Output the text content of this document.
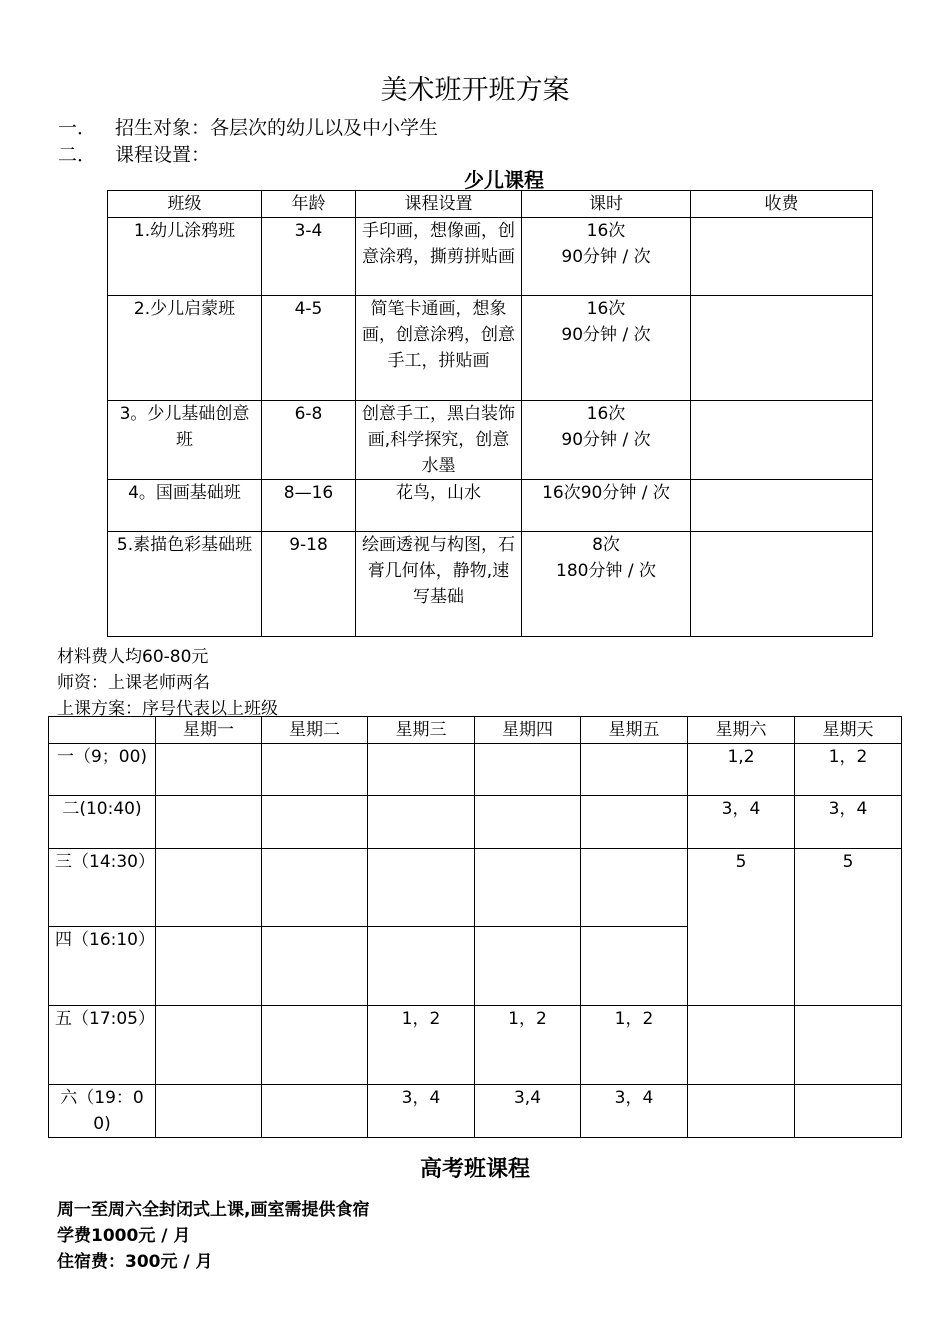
美术班开班方案
一． 招生对象：各层次的幼儿以及中小学生
二． 课程设置：
少儿课程
班级	年龄	课程设置	课时	收费
1.幼儿涂鸦班	3-4	手印画，想像画，创意涂鸦，撕剪拼贴画	16次
90分钟 / 次	
2.少儿启蒙班	4-5	简笔卡通画，想象画，创意涂鸦，创意手工，拼贴画	16次
90分钟 / 次	
3。少儿基础创意班	6-8	创意手工，黑白装饰画,科学探究，创意水墨	16次
90分钟 / 次	
4。国画基础班	8—16	花鸟，山水	16次90分钟 / 次	
5.素描色彩基础班	9-18	绘画透视与构图，石膏几何体，静物,速写基础	8次
180分钟 / 次	
材料费人均60-80元
师资：上课老师两名
上课方案：序号代表以上班级
	星期一	星期二	星期三	星期四	星期五	星期六	星期天
一（9；00)						1,2	1，2
二(10:40)						3，4	3，4
三（14:30）						5	5
四（16:10）							
五（17:05）			1，2	1，2	1，2		
六（19：00)			3，4	3,4	3，4		
高考班课程
周一至周六全封闭式上课,画室需提供食宿
学费1000元 / 月
住宿费：300元 / 月
